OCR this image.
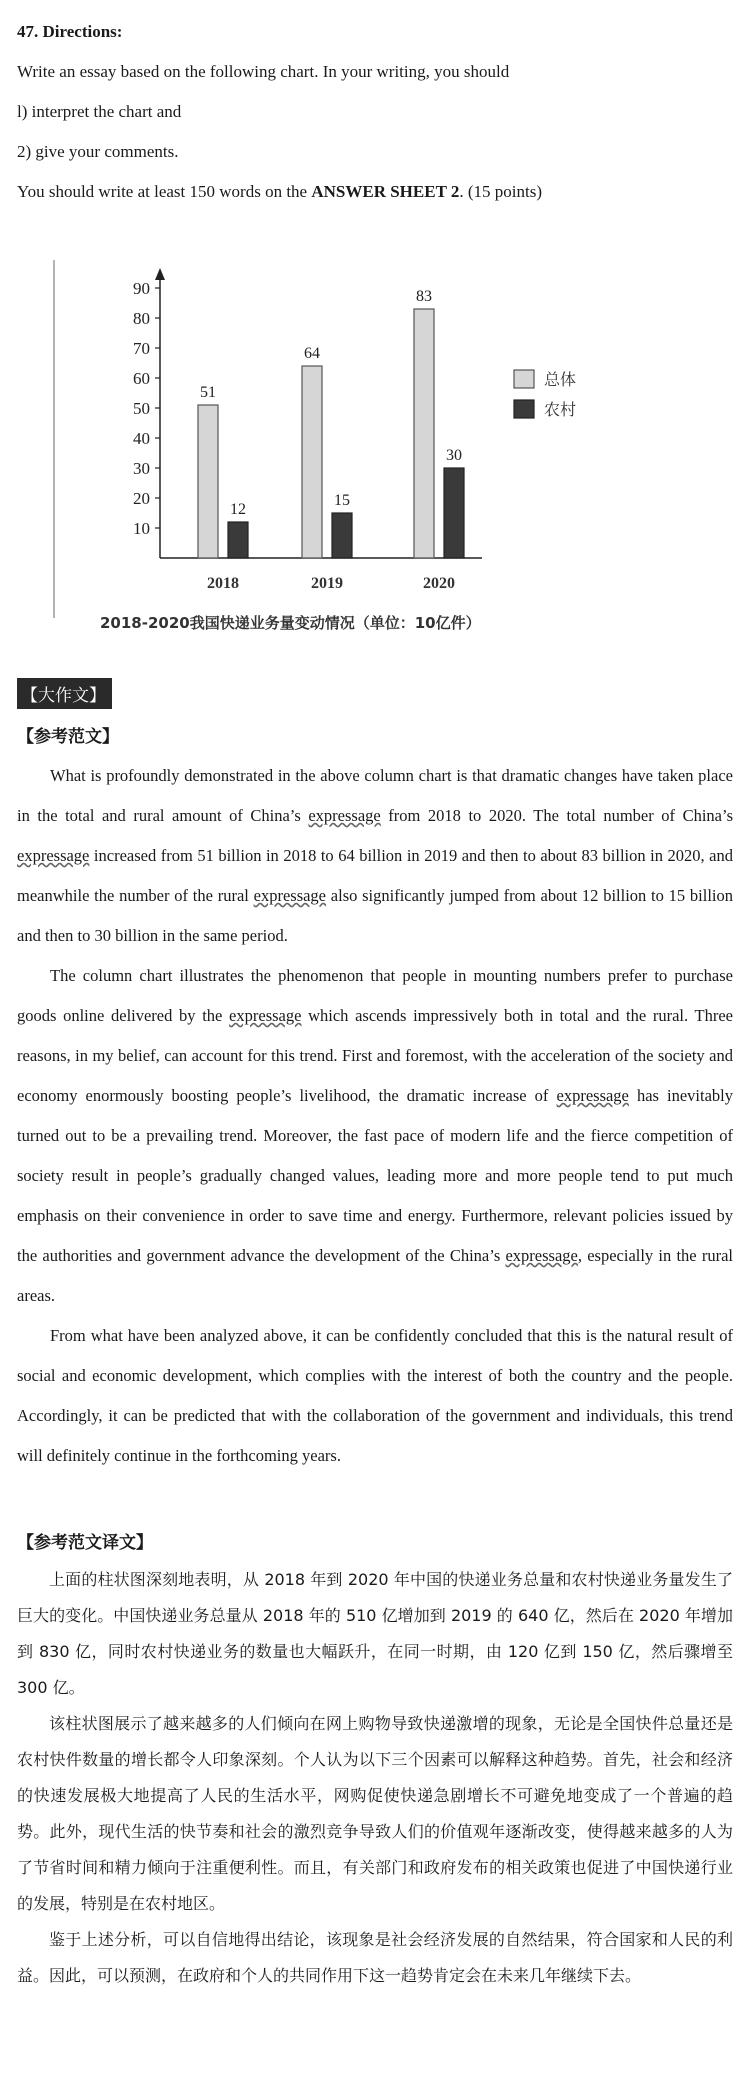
47. Directions:
Write an essay based on the following chart. In your writing, you should
l) interpret the chart and
2) give your comments.
You should write at least 150 words on the ANSWER SHEET 2. (15 points)
10
20
30
40
50
60
70
80
90
51
12
2018
64
15
2019
83
30
2020
总体
农村
2018-2020我国快递业务量变动情况（单位：10亿件）
【大作文】
【参考范文】

What is profoundly demonstrated in the above column chart is that dramatic changes have taken place in the total and rural amount of China’s expressage from 2018 to 2020. The total number of China’s expressage increased from 51 billion in 2018 to 64 billion in 2019 and then to about 83 billion in 2020, and meanwhile the number of the rural expressage also significantly jumped from about 12 billion to 15 billion and then to 30 billion in the same period.

The column chart illustrates the phenomenon that people in mounting numbers prefer to purchase goods online delivered by the expressage which ascends impressively both in total and the rural. Three reasons, in my belief, can account for this trend. First and foremost, with the acceleration of the society and economy enormously boosting people’s livelihood, the dramatic increase of expressage has inevitably turned out to be a prevailing trend. Moreover, the fast pace of modern life and the fierce competition of society result in people’s gradually changed values, leading more and more people tend to put much emphasis on their convenience in order to save time and energy. Furthermore, relevant policies issued by the authorities and government advance the development of the China’s expressage, especially in the rural areas.

From what have been analyzed above, it can be confidently concluded that this is the natural result of social and economic development, which complies with the interest of both the country and the people. Accordingly, it can be predicted that with the collaboration of the government and individuals, this trend will definitely continue in the forthcoming years.

【参考范文译文】

上面的柱状图深刻地表明，从 2018 年到 2020 年中国的快递业务总量和农村快递业务量发生了巨大的变化。中国快递业务总量从 2018 年的 510 亿增加到 2019 的 640 亿，然后在 2020 年增加到 830 亿，同时农村快递业务的数量也大幅跃升，在同一时期，由 120 亿到 150 亿，然后骤增至 300 亿。

该柱状图展示了越来越多的人们倾向在网上购物导致快递激增的现象，无论是全国快件总量还是农村快件数量的增长都令人印象深刻。个人认为以下三个因素可以解释这种趋势。首先，社会和经济的快速发展极大地提高了人民的生活水平，网购促使快递急剧增长不可避免地变成了一个普遍的趋势。此外，现代生活的快节奏和社会的激烈竞争导致人们的价值观年逐渐改变，使得越来越多的人为了节省时间和精力倾向于注重便利性。而且，有关部门和政府发布的相关政策也促进了中国快递行业的发展，特别是在农村地区。

鉴于上述分析，可以自信地得出结论，该现象是社会经济发展的自然结果，符合国家和人民的利益。因此，可以预测，在政府和个人的共同作用下这一趋势肯定会在未来几年继续下去。
